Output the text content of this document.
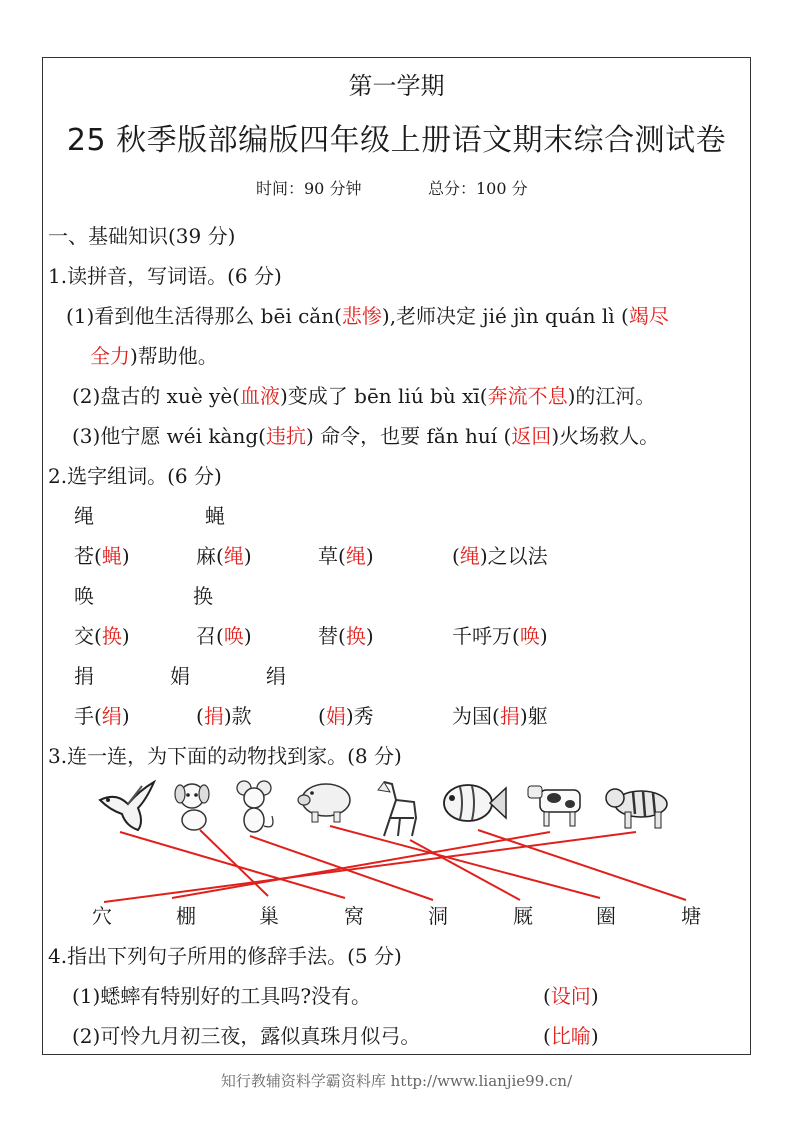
第一学期
25 秋季版部编版四年级上册语文期末综合测试卷
时间：90 分钟	总分：100 分
一、基础知识(39 分)
1.读拼音，写词语。(6 分)
(1)看到他生活得那么 bēi cǎn(悲惨),老师决定 jié jìn quán lì (竭尽
全力)帮助他。
(2)盘古的 xuè yè(血液)变成了 bēn liú bù xī(奔流不息)的江河。
(3)他宁愿 wéi kàng(违抗) 命令，也要 fǎn huí (返回)火场救人。
2.选字组词。(6 分)
绳	蝇
苍(蝇)	麻(绳)	草(绳)	(绳)之以法
唤	换
交(换)	召(唤)	替(换)	千呼万(唤)
捐	娟	绢
手(绢)	(捐)款	(娟)秀	为国(捐)躯
3.连一连，为下面的动物找到家。(8 分)
穴	棚	巢	窝	洞	厩	圈	塘
4.指出下列句子所用的修辞手法。(5 分)
(1)蟋蟀有特别好的工具吗?没有。	(设问)
(2)可怜九月初三夜，露似真珠月似弓。	(比喻)
知行教辅资料学霸资料库 http://www.lianjie99.cn/
